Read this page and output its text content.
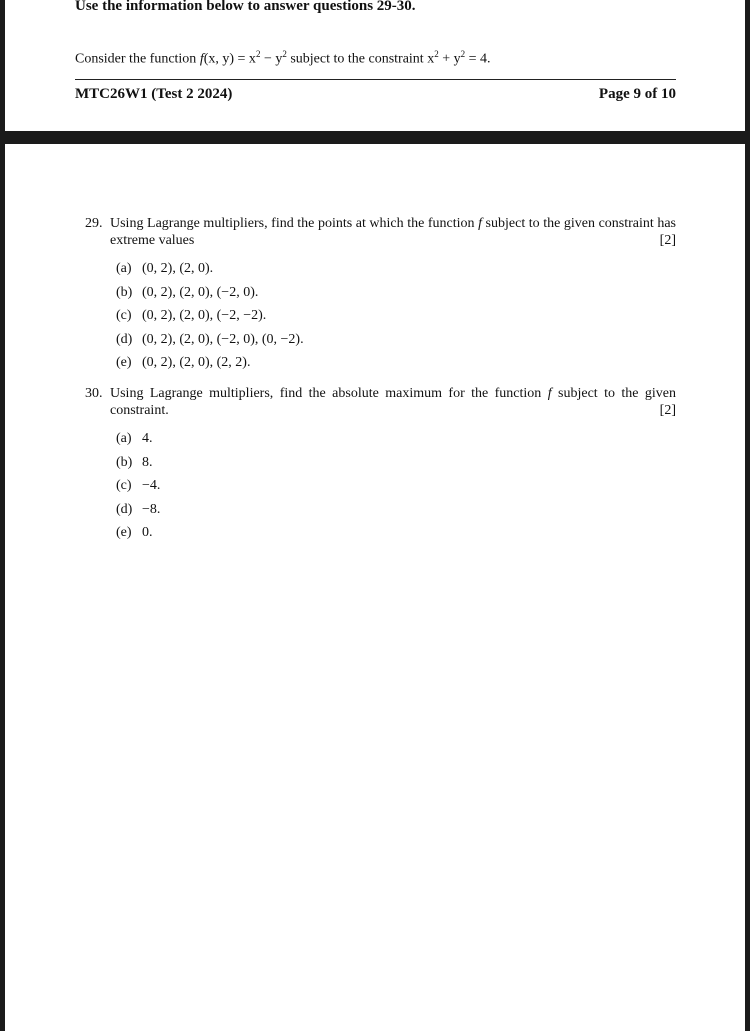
Use the information below to answer questions 29-30.
Consider the function f(x, $y) = x^2 - y^2$ subject to the constraint $x^2 + y^2 = 4$.
MTC26W1 (Test 2 2024)	Page 9 of 10
29. Using Lagrange multipliers, find the points at which the function f subject to the given constraint has extreme values	[2]
(a) (0, 2), (2, 0).
(b) (0, 2), (2, 0), (−2, 0).
(c) (0, 2), (2, 0), (−2, −2).
(d) (0, 2), (2, 0), (−2, 0), (0, −2).
(e) (0, 2), (2, 0), (2, 2).
30. Using Lagrange multipliers, find the absolute maximum for the function f subject to the given constraint.	[2]
(a) 4.
(b) 8.
(c) −4.
(d) −8.
(e) 0.
